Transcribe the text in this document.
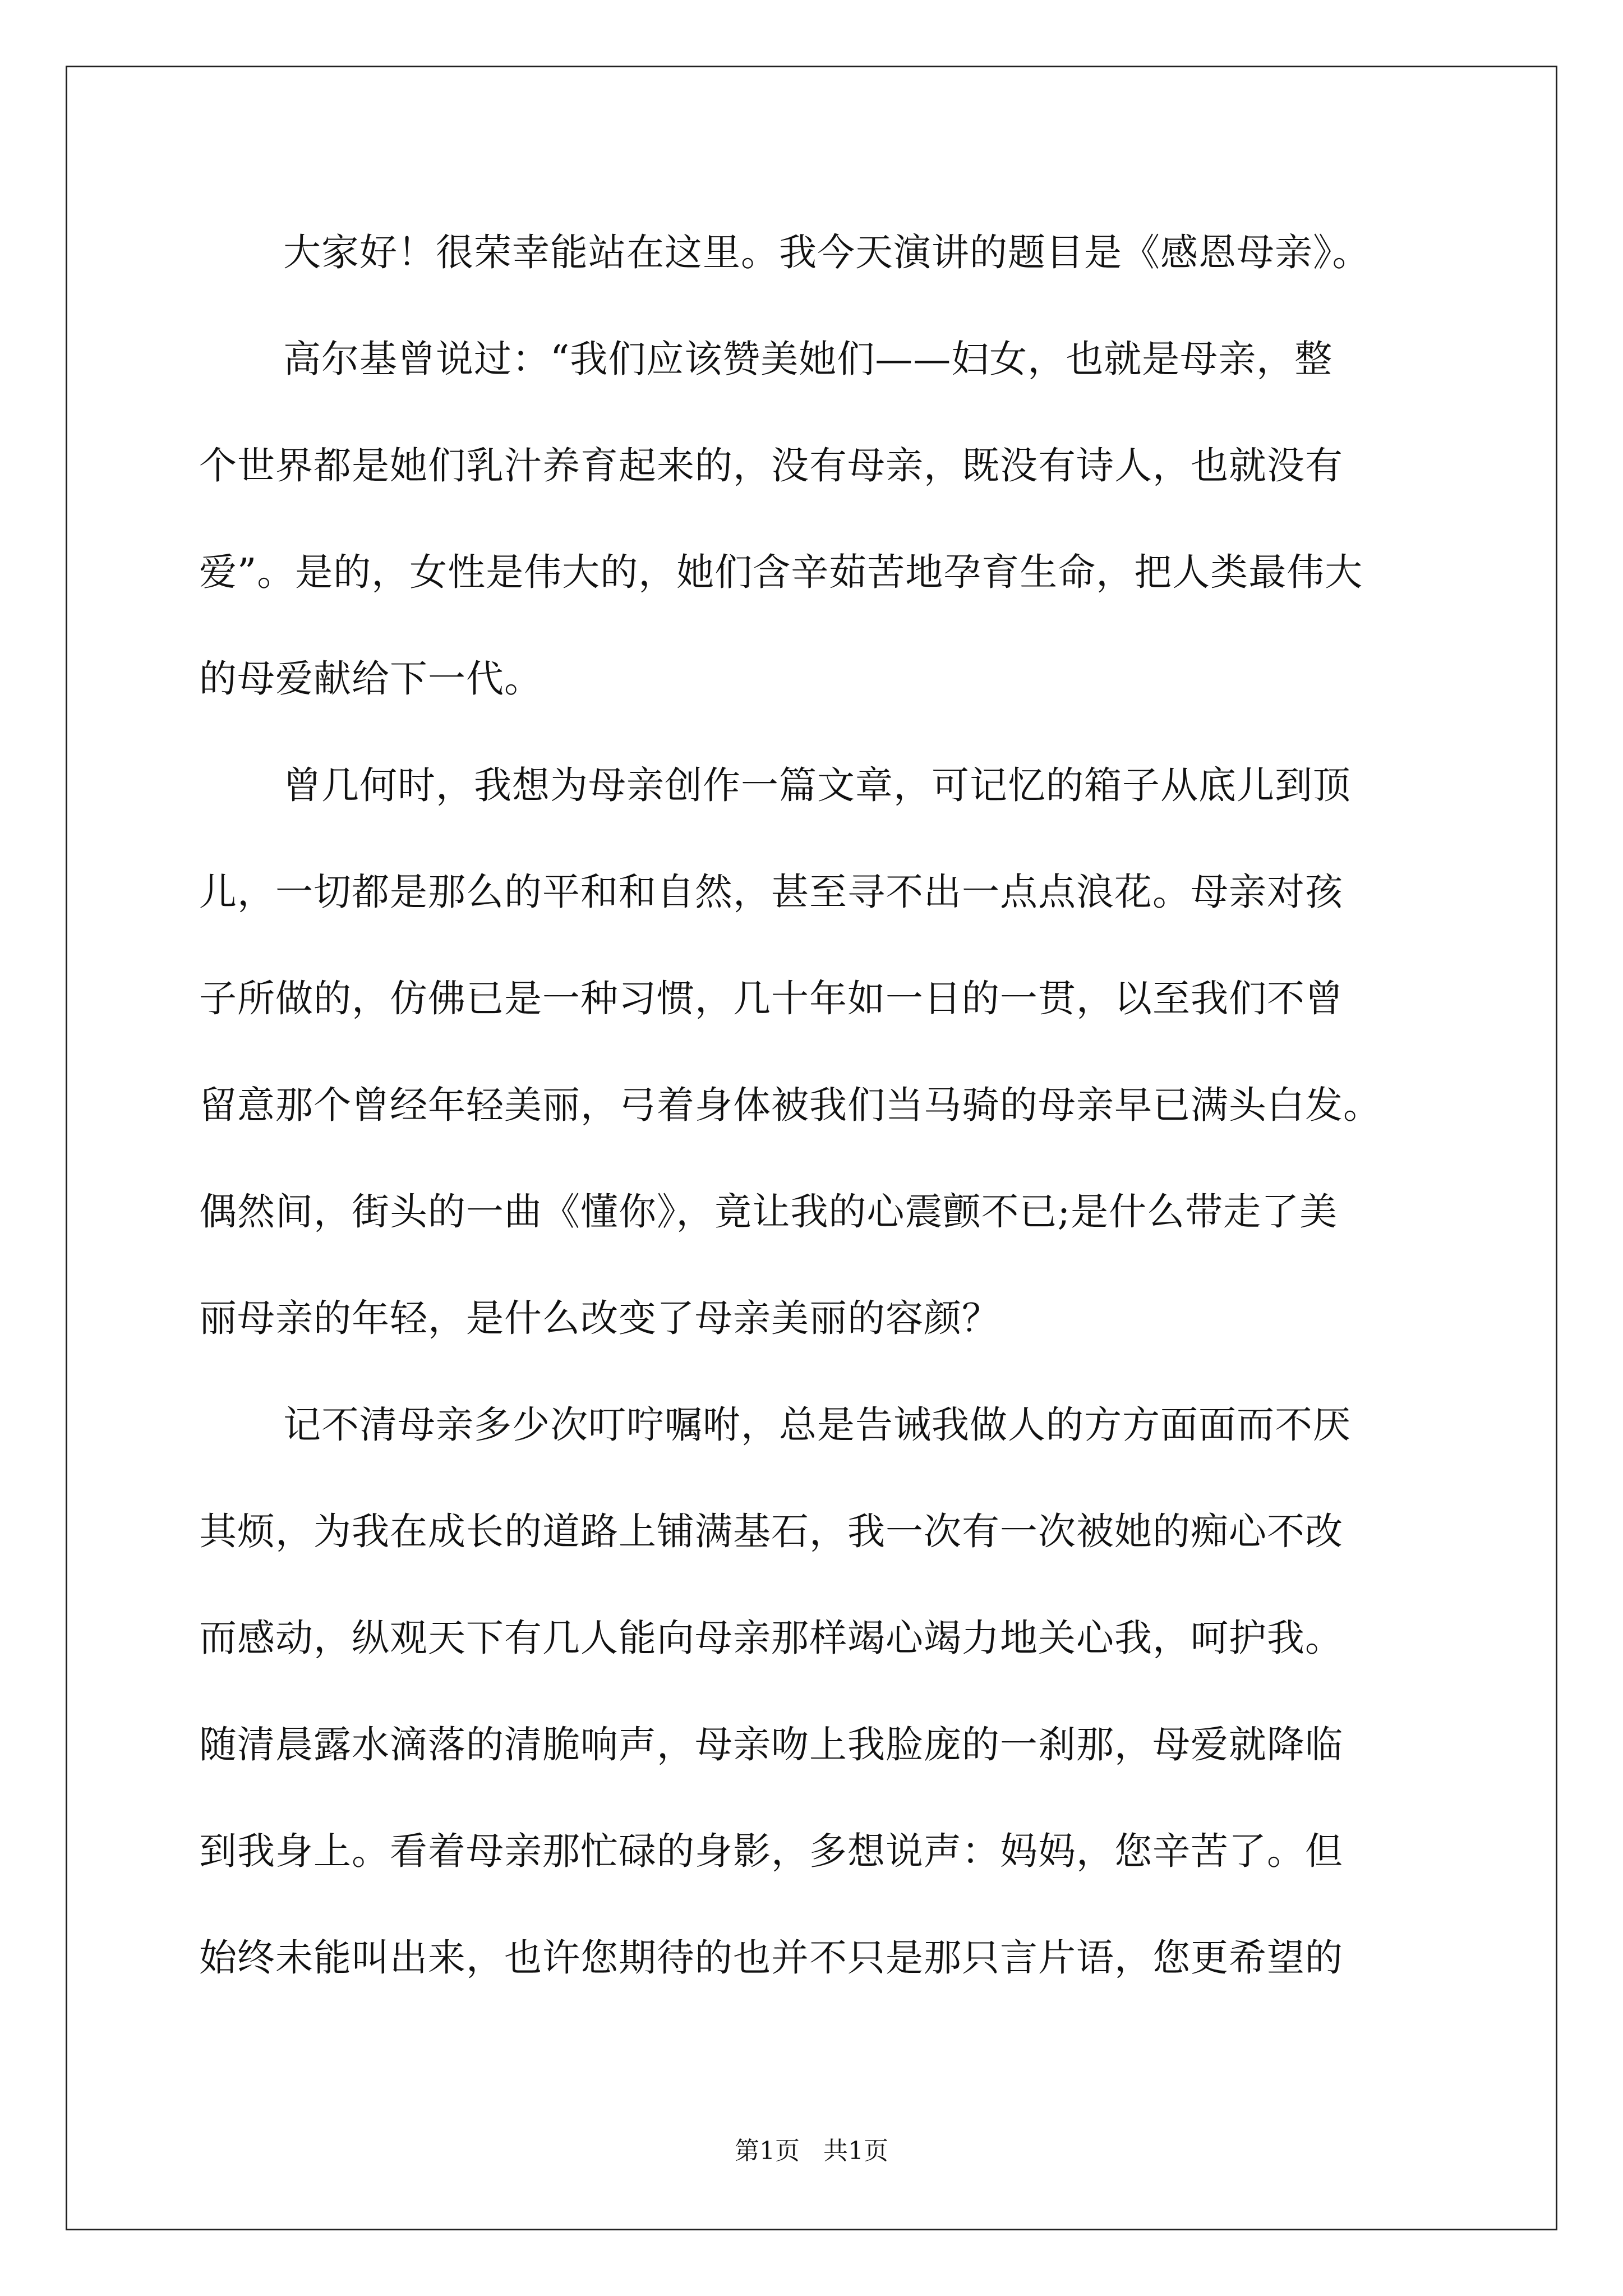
大家好！很荣幸能站在这里。我今天演讲的题目是《感恩母亲》。
高尔基曾说过：“我们应该赞美她们——妇女，也就是母亲，整
个世界都是她们乳汁养育起来的，没有母亲，既没有诗人，也就没有
爱”。是的，女性是伟大的，她们含辛茹苦地孕育生命，把人类最伟大
的母爱献给下一代。
曾几何时，我想为母亲创作一篇文章，可记忆的箱子从底儿到顶
儿，一切都是那么的平和和自然，甚至寻不出一点点浪花。母亲对孩
子所做的，仿佛已是一种习惯，几十年如一日的一贯，以至我们不曾
留意那个曾经年轻美丽，弓着身体被我们当马骑的母亲早已满头白发。
偶然间，街头的一曲《懂你》，竟让我的心震颤不已;是什么带走了美
丽母亲的年轻，是什么改变了母亲美丽的容颜？
记不清母亲多少次叮咛嘱咐，总是告诫我做人的方方面面而不厌
其烦，为我在成长的道路上铺满基石，我一次有一次被她的痴心不改
而感动，纵观天下有几人能向母亲那样竭心竭力地关心我，呵护我。
随清晨露水滴落的清脆响声，母亲吻上我脸庞的一刹那，母爱就降临
到我身上。看着母亲那忙碌的身影，多想说声：妈妈，您辛苦了。但
始终未能叫出来，也许您期待的也并不只是那只言片语，您更希望的
第1页 共1页
